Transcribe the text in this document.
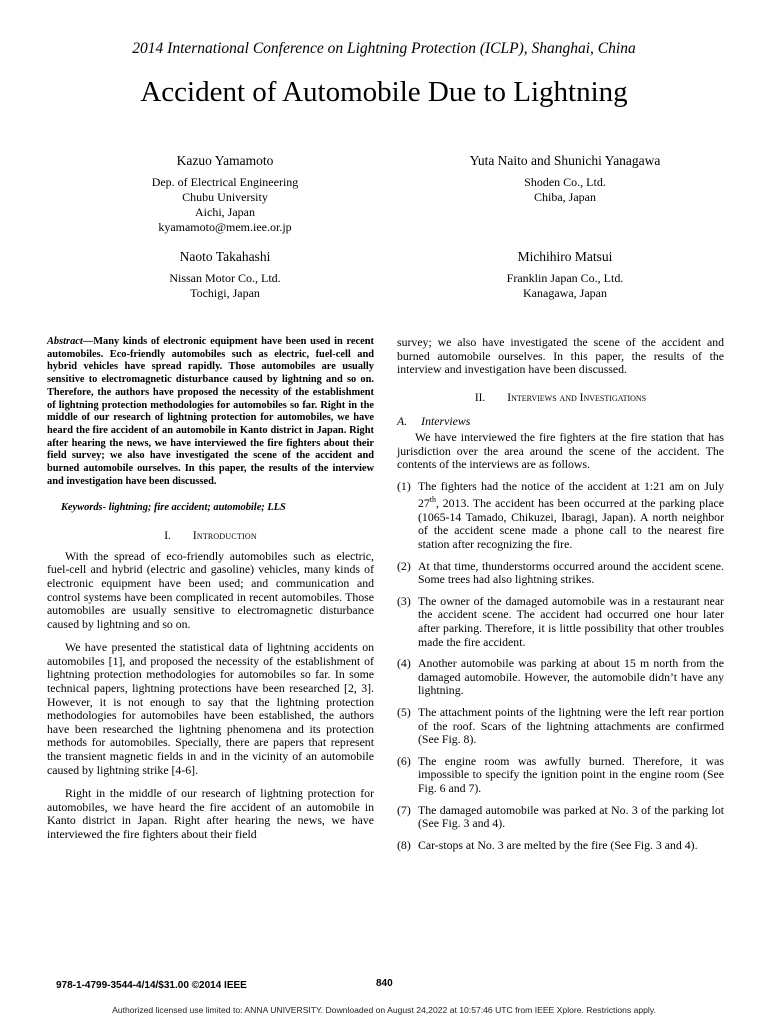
2014 International Conference on Lightning Protection (ICLP), Shanghai, China
Accident of Automobile Due to Lightning
Kazuo Yamamoto
Dep. of Electrical Engineering
Chubu University
Aichi, Japan
kyamamoto@mem.iee.or.jp
Yuta Naito and Shunichi Yanagawa
Shoden Co., Ltd.
Chiba, Japan
Naoto Takahashi
Nissan Motor Co., Ltd.
Tochigi, Japan
Michihiro Matsui
Franklin Japan Co., Ltd.
Kanagawa, Japan

Abstract—Many kinds of electronic equipment have been used in recent automobiles. Eco-friendly automobiles such as electric, fuel-cell and hybrid vehicles have spread rapidly. Those automobiles are usually sensitive to electromagnetic disturbance caused by lightning and so on. Therefore, the authors have proposed the necessity of the establishment of lightning protection methodologies for automobiles so far. Right in the middle of our research of lightning protection for automobiles, we have heard the fire accident of an automobile in Kanto district in Japan. Right after hearing the news, we have interviewed the fire fighters about their field survey; we also have investigated the scene of the accident and burned automobile ourselves. In this paper, the results of the interview and investigation have been discussed.

Keywords- lightning; fire accident; automobile; LLS
I. Introduction

With the spread of eco-friendly automobiles such as electric, fuel-cell and hybrid (electric and gasoline) vehicles, many kinds of electronic equipment have been used; and communication and control systems have been complicated in recent automobiles. Those automobiles are usually sensitive to electromagnetic disturbance caused by lightning and so on.

We have presented the statistical data of lightning accidents on automobiles [1], and proposed the necessity of the establishment of lightning protection methodologies for automobiles so far. In some technical papers, lightning protections have been researched [2, 3]. However, it is not enough to say that the lightning protection methodologies for automobiles have been established, the authors have been researched the lightning phenomena and its protection methods for automobiles. Specially, there are papers that represent the transient magnetic fields in and in the vicinity of an automobile caused by lightning strike [4-6].

Right in the middle of our research of lightning protection for automobiles, we have heard the fire accident of an automobile in Kanto district in Japan. Right after hearing the news, we have interviewed the fire fighters about their field

survey; we also have investigated the scene of the accident and burned automobile ourselves. In this paper, the results of the interview and investigation have been discussed.

II. Interviews and Investigations
A. Interviews

We have interviewed the fire fighters at the fire station that has jurisdiction over the area around the scene of the accident. The contents of the interviews are as follows.

(1) The fighters had the notice of the accident at 1:21 am on July 27th, 2013. The accident has been occurred at the parking place (1065-14 Tamado, Chikuzei, Ibaragi, Japan). A north neighbor of the accident scene made a phone call to the nearest fire station after recognizing the fire.
(2) At that time, thunderstorms occurred around the accident scene. Some trees had also lightning strikes.
(3) The owner of the damaged automobile was in a restaurant near the accident scene. The accident had occurred one hour later after parking. Therefore, it is little possibility that other troubles made the fire accident.
(4) Another automobile was parking at about 15 m north from the damaged automobile. However, the automobile didn’t have any lightning.
(5) The attachment points of the lightning were the left rear portion of the roof. Scars of the lightning attachments are confirmed (See Fig. 8).
(6) The engine room was awfully burned. Therefore, it was impossible to specify the ignition point in the engine room (See Fig. 6 and 7).
(7) The damaged automobile was parked at No. 3 of the parking lot (See Fig. 3 and 4).
(8) Car-stops at No. 3 are melted by the fire (See Fig. 3 and 4).
978-1-4799-3544-4/14/$31.00 ©2014 IEEE	840
Authorized licensed use limited to: ANNA UNIVERSITY. Downloaded on August 24,2022 at 10:57:46 UTC from IEEE Xplore. Restrictions apply.
